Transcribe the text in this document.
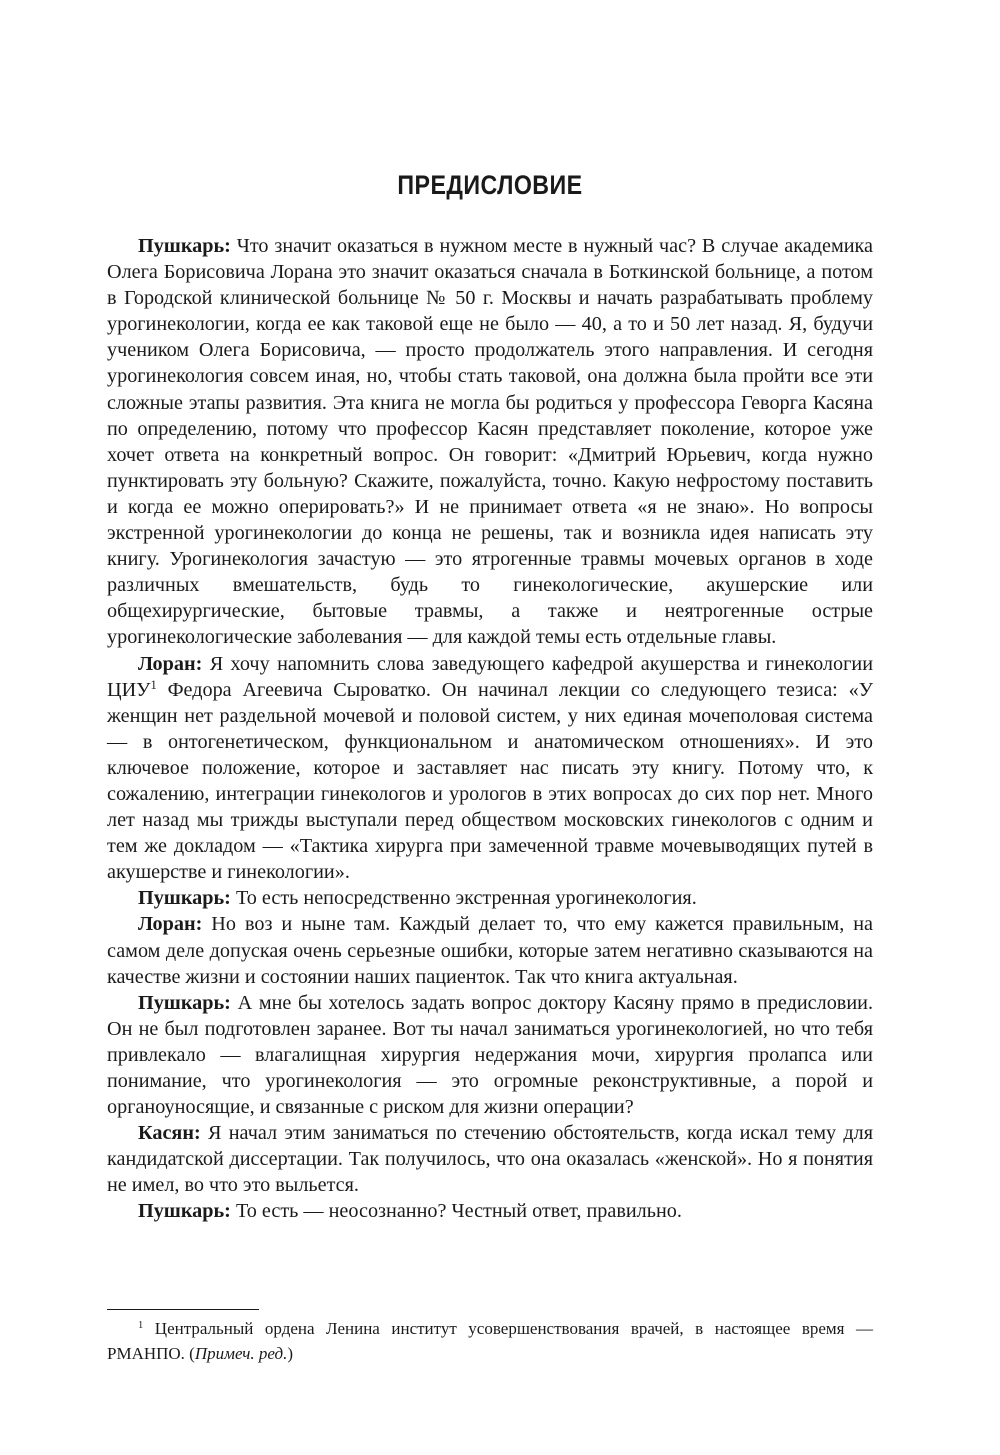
ПРЕДИСЛОВИЕ

Пушкарь: Что значит оказаться в нужном месте в нужный час? В случае академика Олега Борисовича Лорана это значит оказаться сначала в Боткинской больнице, а потом в Городской клинической больнице № 50 г. Москвы и начать разрабатывать проблему урогинекологии, когда ее как таковой еще не было — 40, а то и 50 лет назад. Я, будучи учеником Олега Борисовича, — просто продолжатель этого направления. И сегодня урогинекология совсем иная, но, чтобы стать таковой, она должна была пройти все эти сложные этапы развития. Эта книга не могла бы родиться у профессора Геворга Касяна по определению, потому что профессор Касян представляет поколение, которое уже хочет ответа на конкретный вопрос. Он говорит: «Дмитрий Юрьевич, когда нужно пунктировать эту больную? Скажите, пожалуйста, точно. Какую нефростому поставить и когда ее можно оперировать?» И не принимает ответа «я не знаю». Но вопросы экстренной урогинекологии до конца не решены, так и возникла идея написать эту книгу. Урогинекология зачастую — это ятрогенные травмы мочевых органов в ходе различных вмешательств, будь то гинекологические, акушерские или общехирургические, бытовые травмы, а также и неятрогенные острые урогинекологические заболевания — для каждой темы есть отдельные главы.

Лоран: Я хочу напомнить слова заведующего кафедрой акушерства и гинекологии ЦИУ$^1$ Федора Агеевича Сыроватко. Он начинал лекции со следующего тезиса: «У женщин нет раздельной мочевой и половой систем, у них единая мочеполовая система — в онтогенетическом, функциональном и анатомическом отношениях». И это ключевое положение, которое и заставляет нас писать эту книгу. Потому что, к сожалению, интеграции гинекологов и урологов в этих вопросах до сих пор нет. Много лет назад мы трижды выступали перед обществом московских гинекологов с одним и тем же докладом — «Тактика хирурга при замеченной травме мочевыводящих путей в акушерстве и гинекологии».

Пушкарь: То есть непосредственно экстренная урогинекология.

Лоран: Но воз и ныне там. Каждый делает то, что ему кажется правильным, на самом деле допуская очень серьезные ошибки, которые затем негативно сказываются на качестве жизни и состоянии наших пациенток. Так что книга актуальная.

Пушкарь: А мне бы хотелось задать вопрос доктору Касяну прямо в предисловии. Он не был подготовлен заранее. Вот ты начал заниматься урогинекологией, но что тебя привлекало — влагалищная хирургия недержания мочи, хирургия пролапса или понимание, что урогинекология — это огромные реконструктивные, а порой и органоуносящие, и связанные с риском для жизни операции?

Касян: Я начал этим заниматься по стечению обстоятельств, когда искал тему для кандидатской диссертации. Так получилось, что она оказалась «женской». Но я понятия не имел, во что это выльется.

Пушкарь: То есть — неосознанно? Честный ответ, правильно.

$^1$ Центральный ордена Ленина институт усовершенствования врачей, в настоящее время — РМАНПО. (Примеч. ред.)
